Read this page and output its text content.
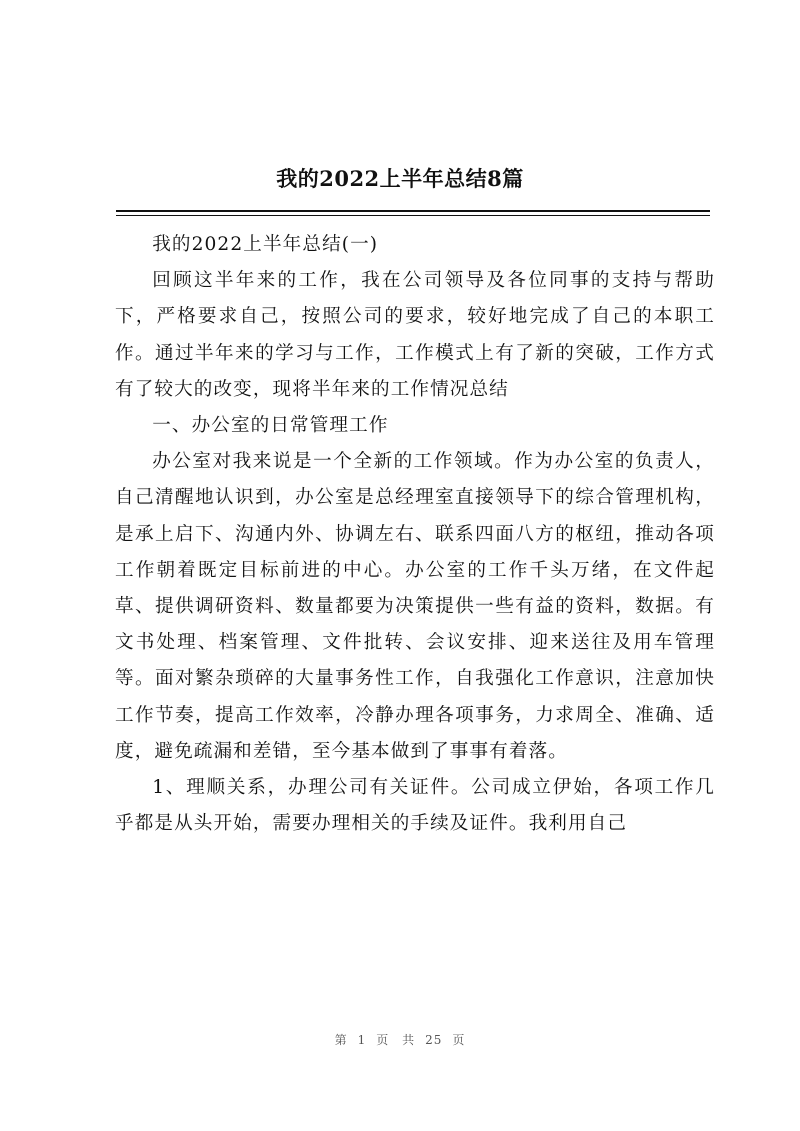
我的2022上半年总结8篇

我的2022上半年总结(一)

回顾这半年来的工作，我在公司领导及各位同事的支持与帮助下，严格要求自己，按照公司的要求，较好地完成了自己的本职工作。通过半年来的学习与工作，工作模式上有了新的突破，工作方式有了较大的改变，现将半年来的工作情况总结

一、办公室的日常管理工作

办公室对我来说是一个全新的工作领域。作为办公室的负责人，自己清醒地认识到，办公室是总经理室直接领导下的综合管理机构，是承上启下、沟通内外、协调左右、联系四面八方的枢纽，推动各项工作朝着既定目标前进的中心。办公室的工作千头万绪，在文件起草、提供调研资料、数量都要为决策提供一些有益的资料，数据。有文书处理、档案管理、文件批转、会议安排、迎来送往及用车管理等。面对繁杂琐碎的大量事务性工作，自我强化工作意识，注意加快工作节奏，提高工作效率，冷静办理各项事务，力求周全、准确、适度，避免疏漏和差错，至今基本做到了事事有着落。

1、理顺关系，办理公司有关证件。公司成立伊始，各项工作几乎都是从头开始，需要办理相关的手续及证件。我利用自己

第 1 页 共 25 页
